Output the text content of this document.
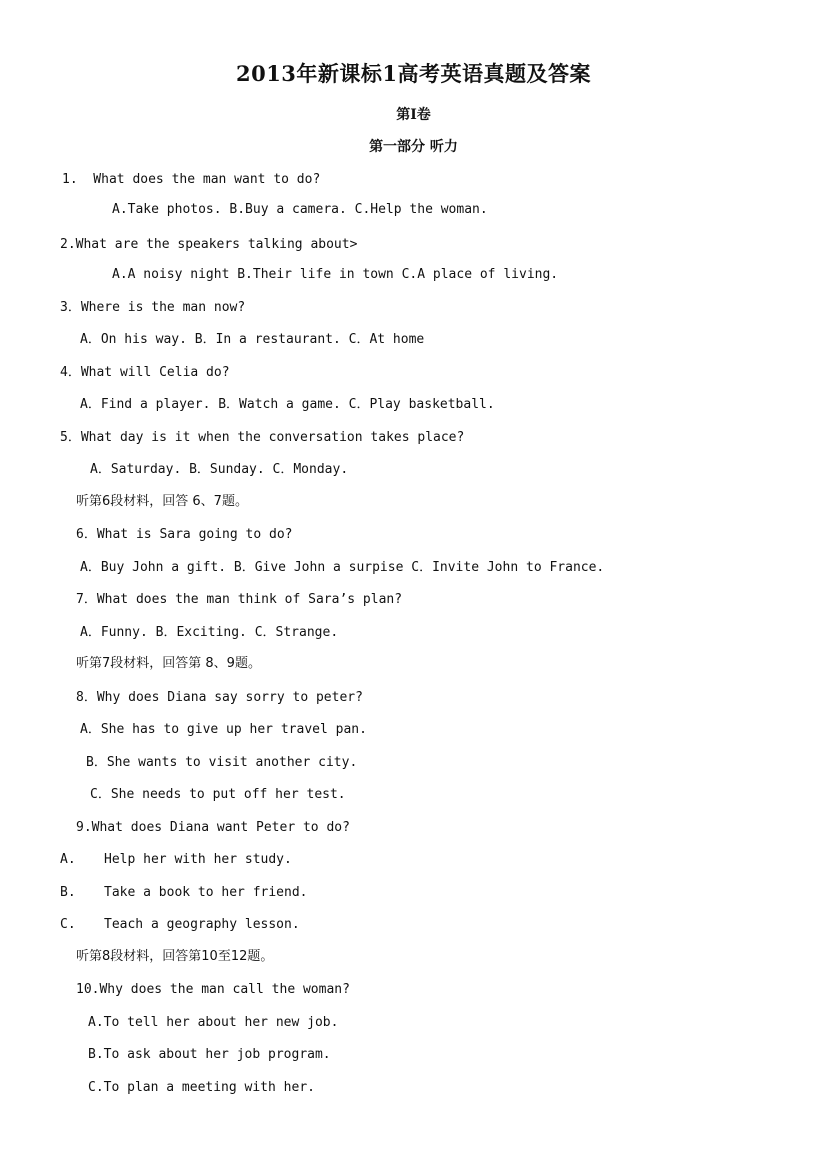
2013年新课标1高考英语真题及答案
第Ⅰ卷
第一部分 听力
1.  What does the man want to do?
A.Take photos. B.Buy a camera. C.Help the woman.
2.What are the speakers talking about>
A.A noisy night B.Their life in town C.A place of living.
3．Where is the man now?
A．On his way. B．In a restaurant. C．At home
4．What will Celia do?
A．Find a player. B．Watch a game. C．Play basketball.
5．What day is it when the conversation takes place?
A．Saturday. B．Sunday. C．Monday.
听第6段材料，回答 6、7题。
6．What is Sara going to do?
A．Buy John a gift. B．Give John a surpise C．Invite John to France.
7．What does the man think of Sara’s plan?
A．Funny. B．Exciting. C．Strange.
听第7段材料，回答第 8、9题。
8．Why does Diana say sorry to peter?
A．She has to give up her travel pan.
B．She wants to visit another city.
C．She needs to put off her test.
9.What does Diana want Peter to do?
A. Help her with her study.
B. Take a book to her friend.
C. Teach a geography lesson.
听第8段材料，回答第10至12题。
10.Why does the man call the woman?
A.To tell her about her new job.
B.To ask about her job program.
C.To plan a meeting with her.
